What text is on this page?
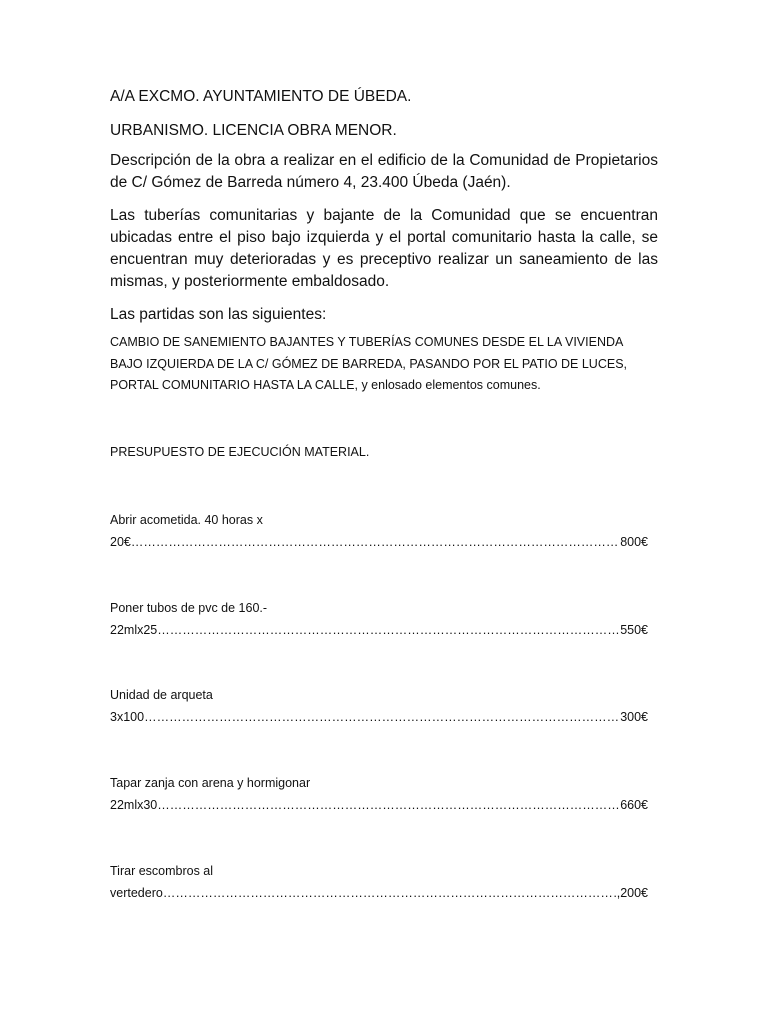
A/A EXCMO. AYUNTAMIENTO DE ÚBEDA.

URBANISMO. LICENCIA OBRA MENOR.

Descripción de la obra a realizar en el edificio de la Comunidad de Propietarios de C/ Gómez de Barreda número 4, 23.400 Úbeda (Jaén).

Las tuberías comunitarias y bajante de la Comunidad que se encuentran ubicadas entre el piso bajo izquierda y el portal comunitario hasta la calle, se encuentran muy deterioradas y es preceptivo realizar un saneamiento de las mismas, y posteriormente embaldosado.

Las partidas son las siguientes:

CAMBIO DE SANEMIENTO BAJANTES Y TUBERÍAS COMUNES DESDE EL LA VIVIENDA
BAJO IZQUIERDA DE LA C/ GÓMEZ DE BARREDA, PASANDO POR EL PATIO DE LUCES,
PORTAL COMUNITARIO HASTA LA CALLE, y enlosado elementos comunes.

PRESUPUESTO DE EJECUCIÓN MATERIAL.

Abrir acometida. 40 horas x
20€ ………………………………………………………………………………………………………………………………………………………………………………	800€
Poner tubos de pvc de 160.-
22mlx25 ………………………………………………………………………………………………………………………………………………………………………………	550€
Unidad de arqueta
3x100 ………………………………………………………………………………………………………………………………………………………………………………	300€
Tapar zanja con arena y hormigonar
22mlx30 ………………………………………………………………………………………………………………………………………………………………………………	660€
Tirar escombros al
vertedero ………………………………………………………………………………………………………………………………………………………………………………	,200€
